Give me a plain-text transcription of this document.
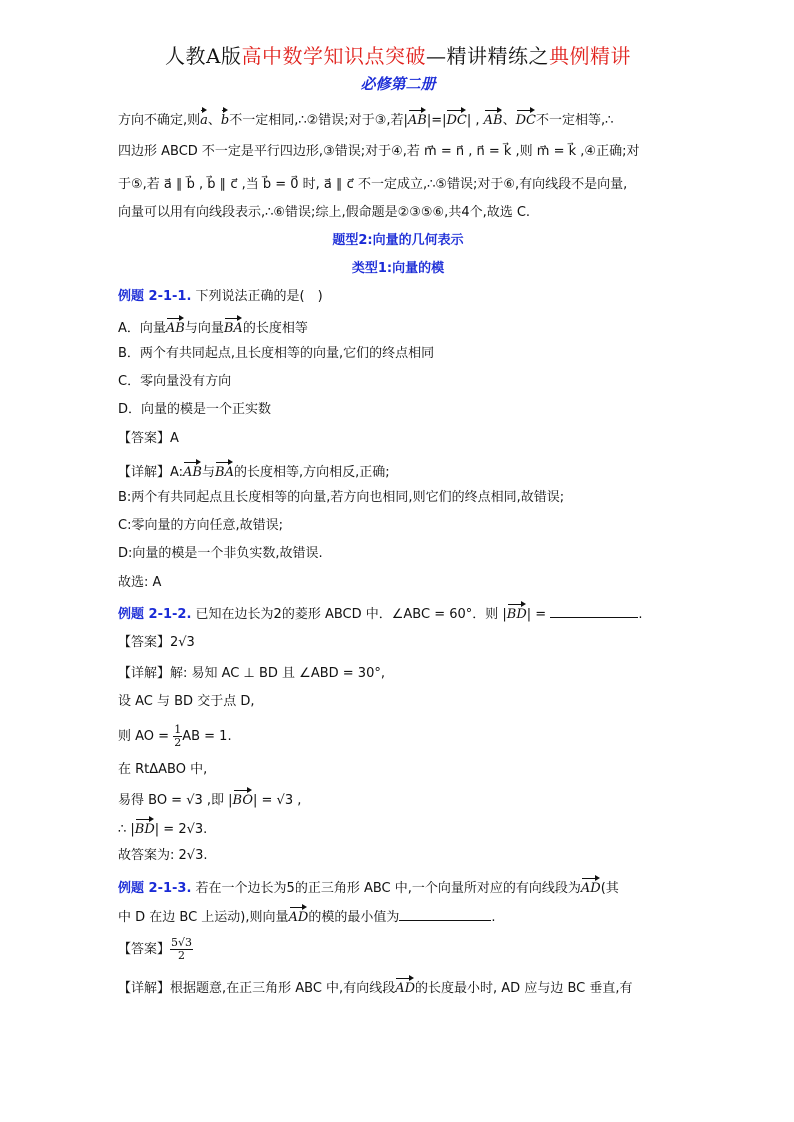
人教A版高中数学知识点突破—精讲精练之典例精讲
必修第二册
方向不确定,则a、b不一定相同,∴②错误;对于③,若|AB|=|DC| , AB、DC不一定相等,∴
四边形 ABCD 不一定是平行四边形,③错误;对于④,若 m⃗ = n⃗ , n⃗ = k⃗ ,则 m⃗ = k⃗ ,④正确;对
于⑤,若 a⃗ ∥ b⃗ , b⃗ ∥ c⃗ ,当 b⃗ = 0⃗ 时, a⃗ ∥ c⃗ 不一定成立,∴⑤错误;对于⑥,有向线段不是向量,
向量可以用有向线段表示,∴⑥错误;综上,假命题是②③⑤⑥,共4个,故选 C.
题型2:向量的几何表示
类型1:向量的模
例题 2-1-1. 下列说法正确的是(　)
A．向量AB与向量BA的长度相等
B．两个有共同起点,且长度相等的向量,它们的终点相同
C．零向量没有方向
D．向量的模是一个正实数
【答案】A
【详解】A:AB与BA的长度相等,方向相反,正确;
B:两个有共同起点且长度相等的向量,若方向也相同,则它们的终点相同,故错误;
C:零向量的方向任意,故错误;
D:向量的模是一个非负实数,故错误.
故选: A
例题 2-1-2. 已知在边长为2的菱形 ABCD 中．∠ABC = 60°．则 |BD| =	.
【答案】2√3
【详解】解: 易知 AC ⊥ BD 且 ∠ABD = 30°,
设 AC 与 BD 交于点 D,
则 AO = $\frac{1}{2}$ AB = 1.
在 RtΔABO 中,
易得 BO = √3 ,即 |BO| = √3 ,
∴ |BD| = 2√3.
故答案为: 2√3.
例题 2-1-3. 若在一个边长为5的正三角形 ABC 中,一个向量所对应的有向线段为AD(其
中 D 在边 BC 上运动),则向量AD的模的最小值为	.
【答案】 $\frac{5√3}{2}$
【详解】根据题意,在正三角形 ABC 中,有向线段AD的长度最小时, AD 应与边 BC 垂直,有
